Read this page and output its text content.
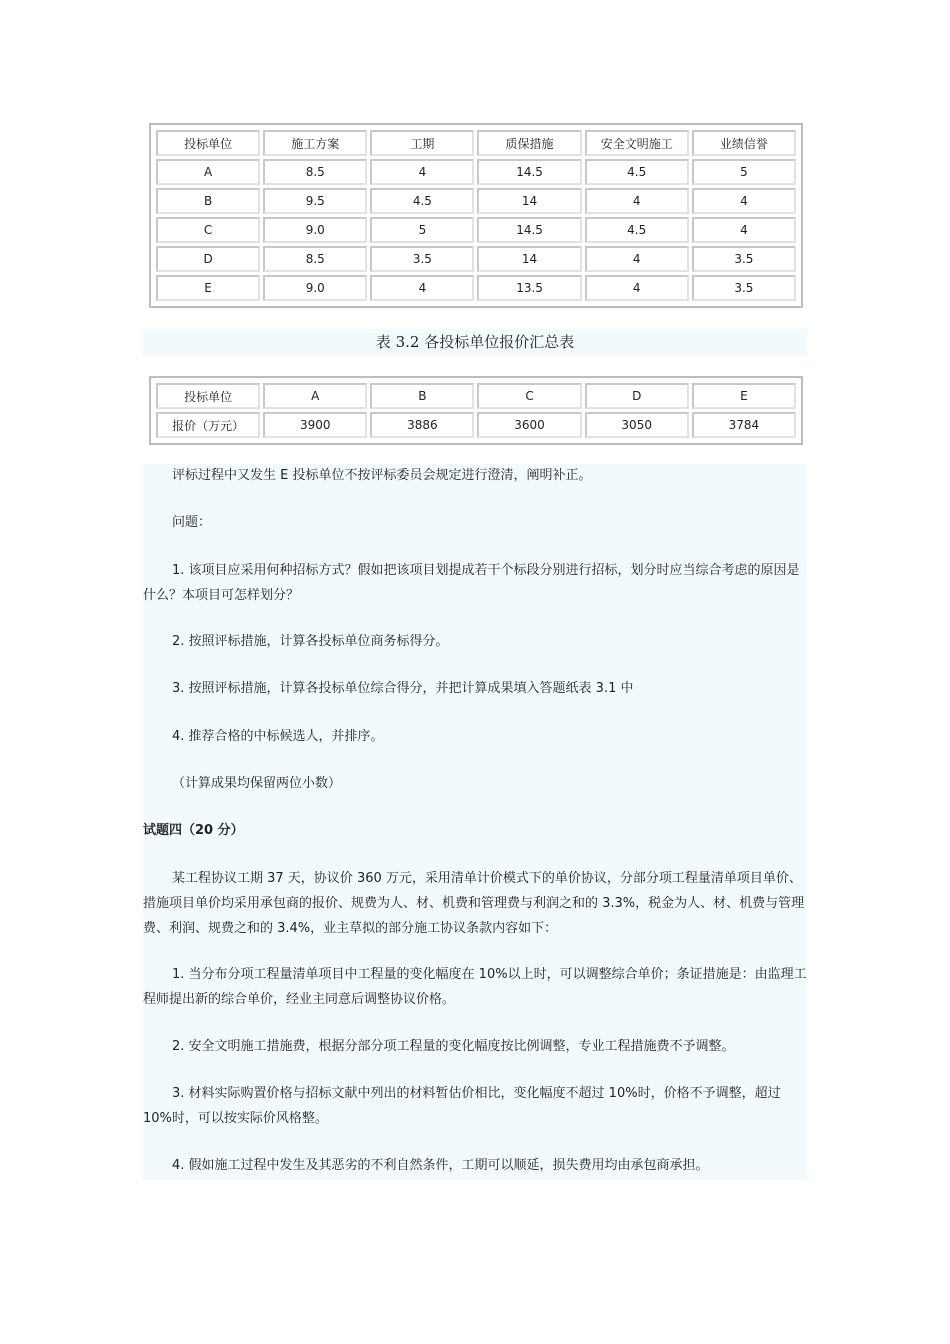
投标单位	施工方案	工期	质保措施	安全文明施工	业绩信誉
A	8.5	4	14.5	4.5	5
B	9.5	4.5	14	4	4
C	9.0	5	14.5	4.5	4
D	8.5	3.5	14	4	3.5
E	9.0	4	13.5	4	3.5
表 3.2 各投标单位报价汇总表
投标单位	A	B	C	D	E
报价（万元）	3900	3886	3600	3050	3784

评标过程中又发生 E 投标单位不按评标委员会规定进行澄清，阐明补正。

问题：

1. 该项目应采用何种招标方式？假如把该项目划提成若干个标段分别进行招标，划分时应当综合考虑的原因是什么？本项目可怎样划分？

2. 按照评标措施，计算各投标单位商务标得分。

3. 按照评标措施，计算各投标单位综合得分，并把计算成果填入答题纸表 3.1 中

4. 推荐合格的中标候选人，并排序。

（计算成果均保留两位小数）

试题四（20 分）

某工程协议工期 37 天，协议价 360 万元，采用清单计价模式下的单价协议，分部分项工程量清单项目单价、措施项目单价均采用承包商的报价、规费为人、材、机费和管理费与利润之和的 3.3%，税金为人、材、机费与管理费、利润、规费之和的 3.4%，业主草拟的部分施工协议条款内容如下：

1. 当分布分项工程量清单项目中工程量的变化幅度在 10%以上时，可以调整综合单价；条证措施是：由监理工程师提出新的综合单价，经业主同意后调整协议价格。

2. 安全文明施工措施费，根据分部分项工程量的变化幅度按比例调整，专业工程措施费不予调整。

3. 材料实际购置价格与招标文献中列出的材料暂估价相比，变化幅度不超过 10%时，价格不予调整，超过 10%时，可以按实际价风格整。

4. 假如施工过程中发生及其恶劣的不利自然条件，工期可以顺延，损失费用均由承包商承担。
